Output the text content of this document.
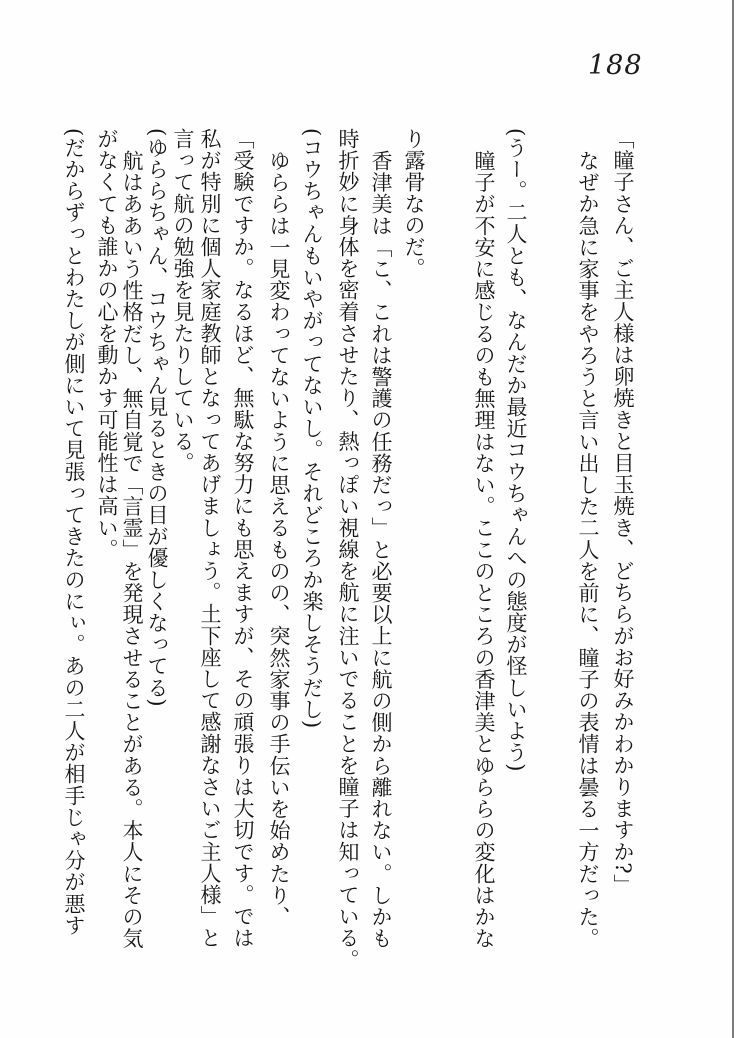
188
「瞳子さん、ご主人様は卵焼きと目玉焼き、どちらがお好みかわかりますか?」
なぜか急に家事をやろうと言い出した二人を前に、瞳子の表情は曇る一方だった。
(うー。二人とも、なんだか最近コウちゃんへの態度が怪しいよう)
瞳子が不安に感じるのも無理はない。ここのところの香津美とゆららの変化はかな
り露骨なのだ。
香津美は「こ、これは警護の任務だっ」と必要以上に航の側から離れない。しかも
時折妙に身体を密着させたり、熱っぽい視線を航に注いでることを瞳子は知っている。
(コウちゃんもいやがってないし。それどころか楽しそうだし)
ゆららは一見変わってないように思えるものの、突然家事の手伝いを始めたり、
「受験ですか。なるほど、無駄な努力にも思えますが、その頑張りは大切です。では
私が特別に個人家庭教師となってあげましょう。土下座して感謝なさいご主人様」と
言って航の勉強を見たりしている。
(ゆららちゃん、コウちゃん見るときの目が優しくなってる)
航はああいう性格だし、無自覚で「言霊」を発現させることがある。本人にその気
がなくても誰かの心を動かす可能性は高い。
(だからずっとわたしが側にいて見張ってきたのにぃ。あの二人が相手じゃ分が悪す
